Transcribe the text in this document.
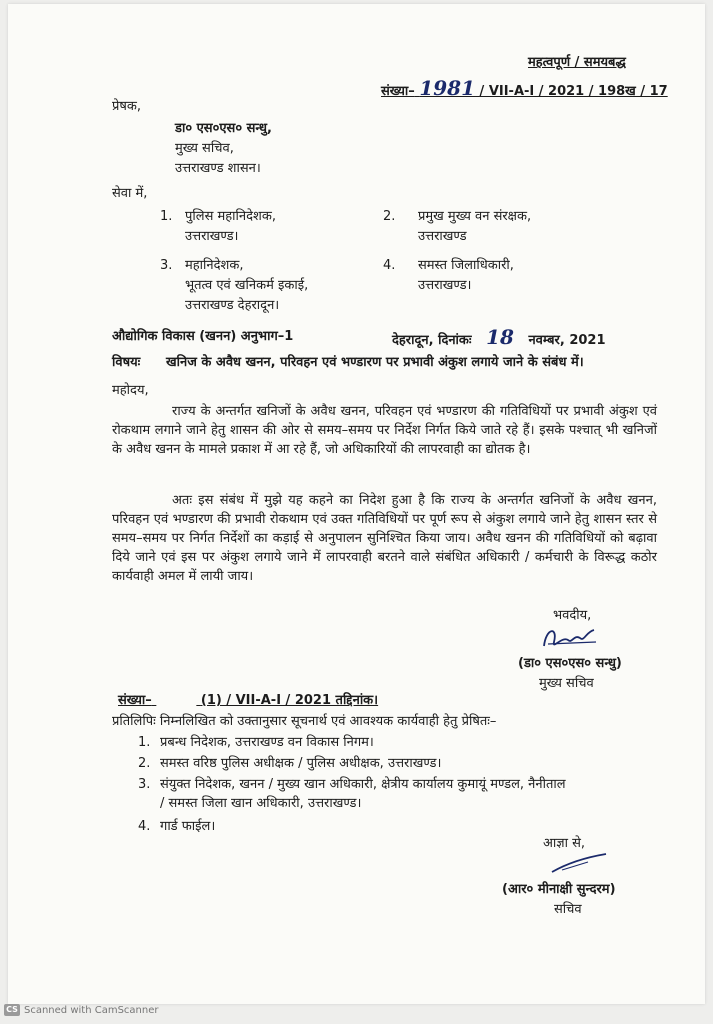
महत्वपूर्ण / समयबद्ध
संख्या– 1981 / VII-A-I / 2021 / 198ख / 17
प्रेषक,
डा० एस०एस० सन्धु,
मुख्य सचिव,
उत्तराखण्ड शासन।
सेवा में,
1. पुलिस महानिदेशक,
उत्तराखण्ड।
2. प्रमुख मुख्य वन संरक्षक,
उत्तराखण्ड
3. महानिदेशक,
भूतत्व एवं खनिकर्म इकाई,
उत्तराखण्ड देहरादून।
4. समस्त जिलाधिकारी,
उत्तराखण्ड।
औद्योगिक विकास (खनन) अनुभाग–1	देहरादून, दिनांकः 18 नवम्बर, 2021
विषयः खनिज के अवैध खनन, परिवहन एवं भण्डारण पर प्रभावी अंकुश लगाये जाने के संबंध में।
महोदय,
राज्य के अन्तर्गत खनिजों के अवैध खनन, परिवहन एवं भण्डारण की गतिविधियों पर प्रभावी अंकुश एवं रोकथाम लगाने जाने हेतु शासन की ओर से समय–समय पर निर्देश निर्गत किये जाते रहे हैं। इसके पश्चात् भी खनिजों के अवैध खनन के मामले प्रकाश में आ रहे हैं, जो अधिकारियों की लापरवाही का द्योतक है।
अतः इस संबंध में मुझे यह कहने का निदेश हुआ है कि राज्य के अन्तर्गत खनिजों के अवैध खनन, परिवहन एवं भण्डारण की प्रभावी रोकथाम एवं उक्त गतिविधियों पर पूर्ण रूप से अंकुश लगाये जाने हेतु शासन स्तर से समय–समय पर निर्गत निर्देशों का कड़ाई से अनुपालन सुनिश्चित किया जाय। अवैध खनन की गतिविधियों को बढ़ावा दिये जाने एवं इस पर अंकुश लगाये जाने में लापरवाही बरतने वाले संबंधित अधिकारी / कर्मचारी के विरूद्ध कठोर कार्यवाही अमल में लायी जाय।
भवदीय,
(डा० एस०एस० सन्धु)
मुख्य सचिव
संख्या–	(1) / VII-A-I / 2021 तद्दिनांक।
प्रतिलिपिः निम्नलिखित को उक्तानुसार सूचनार्थ एवं आवश्यक कार्यवाही हेतु प्रेषितः–
1. प्रबन्ध निदेशक, उत्तराखण्ड वन विकास निगम।
2. समस्त वरिष्ठ पुलिस अधीक्षक / पुलिस अधीक्षक, उत्तराखण्ड।
3. संयुक्त निदेशक, खनन / मुख्य खान अधिकारी, क्षेत्रीय कार्यालय कुमायूं मण्डल, नैनीताल
/ समस्त जिला खान अधिकारी, उत्तराखण्ड।
4. गार्ड फाईल।
आज्ञा से,
(आर० मीनाक्षी सुन्दरम)
सचिव
CS Scanned with CamScanner
